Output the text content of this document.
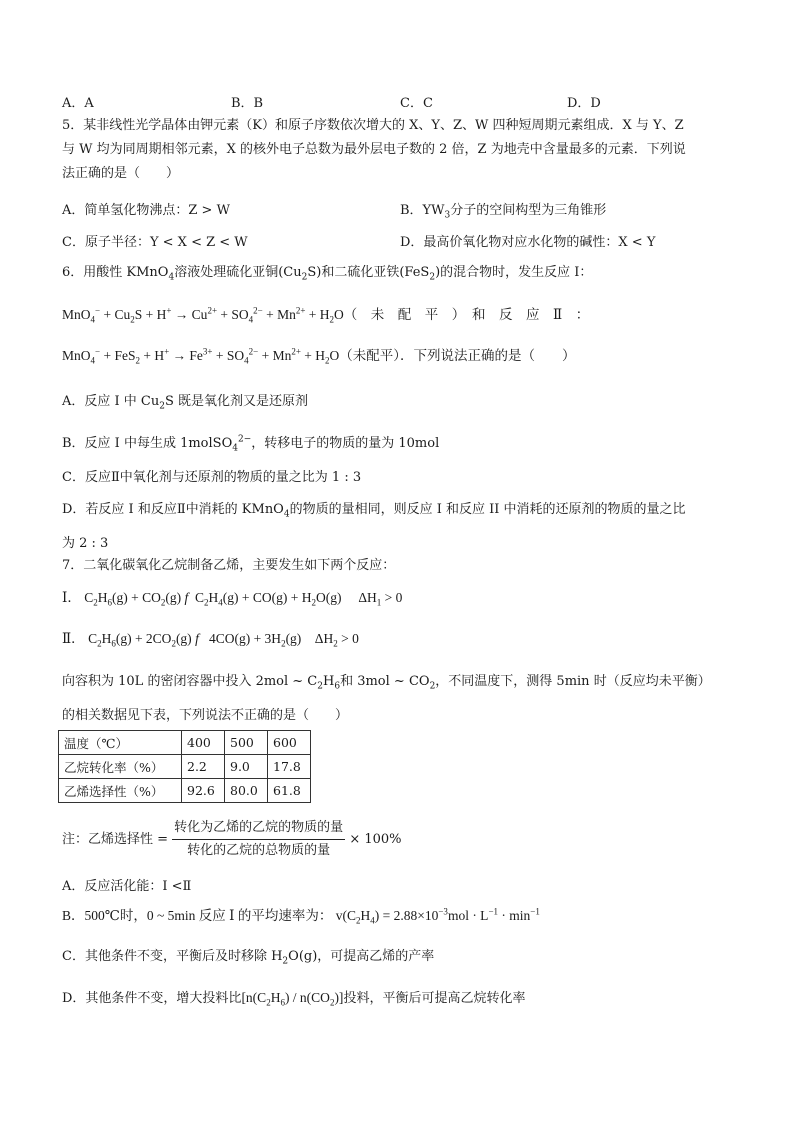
A．A	B．B	C．C	D．D
5．某非线性光学晶体由钾元素（K）和原子序数依次增大的 X、Y、Z、W 四种短周期元素组成．X 与 Y、Z
与 W 均为同周期相邻元素，X 的核外电子总数为最外层电子数的 2 倍，Z 为地壳中含量最多的元素．下列说
法正确的是（　　）
A．简单氢化物沸点：Z > W	B．$YW_3$分子的空间构型为三角锥形
C．原子半径：Y < X < Z < W	D．最高价氧化物对应水化物的碱性：X < Y
6．用酸性 KMnO$_4$溶液处理硫化亚铜$(Cu_2S)$和二硫化亚铁(FeS$_2$)的混合物时，发生反应 Ⅰ：
$MnO_4^- + Cu_2S + H^+ \to Cu^{2+} + SO_4^{2-} + Mn^{2+} + H_2O$（　未　配　平　）　和　反　应　Ⅱ　：
$MnO_4^- + FeS_2 + H^+ \to Fe^{3+} + SO_4^{2-} + Mn^{2+} + H_2O$（未配平）．下列说法正确的是（　　）
A．反应 Ⅰ 中 $Cu_2S$ 既是氧化剂又是还原剂
B．反应 Ⅰ 中每生成 1molSO$_4^{2-}$，转移电子的物质的量为 10mol
C．反应Ⅱ中氧化剂与还原剂的物质的量之比为 1 : 3
D．若反应 Ⅰ 和反应Ⅱ中消耗的 KMnO$_4$的物质的量相同，则反应 Ⅰ 和反应 II 中消耗的还原剂的物质的量之比
为 2 : 3
7．二氧化碳氧化乙烷制备乙烯，主要发生如下两个反应：
Ⅰ． $C_2H_6(g) + CO_2(g)$ f  $C_2H_4(g) + CO(g) + H_2O(g)$     $\Delta H_1 > 0$
Ⅱ． $C_2H_6(g) + 2CO_2(g)$ f   $4CO(g) + 3H_2(g)$    $\Delta H_2 > 0$
向容积为 10L 的密闭容器中投入 2mol ~ $C_2H_6$和 3mol ~ $CO_2$，不同温度下，测得 5min 时（反应均未平衡）
的相关数据见下表，下列说法不正确的是（　　）
温度（℃）	400	500	600
乙烷转化率（%）	2.2	9.0	17.8
乙烯选择性（%）	92.6	80.0	61.8
注：乙烯选择性 = $\frac{\text{转化为乙烯的乙烷的物质的量}}{\text{转化的乙烷的总物质的量}} \times 100\%$
A．反应活化能：Ⅰ <Ⅱ
B．500℃时，0 ~ 5min 反应 Ⅰ 的平均速率为： $v(C_2H_4) = 2.88\times 10^{-3}mol \cdot L^{-1} \cdot \min^{-1}$
C．其他条件不变，平衡后及时移除 $H_2O(g)$，可提高乙烯的产率
D．其他条件不变，增大投料比$[n(C_2H_6) / n(CO_2)]$投料，平衡后可提高乙烷转化率
